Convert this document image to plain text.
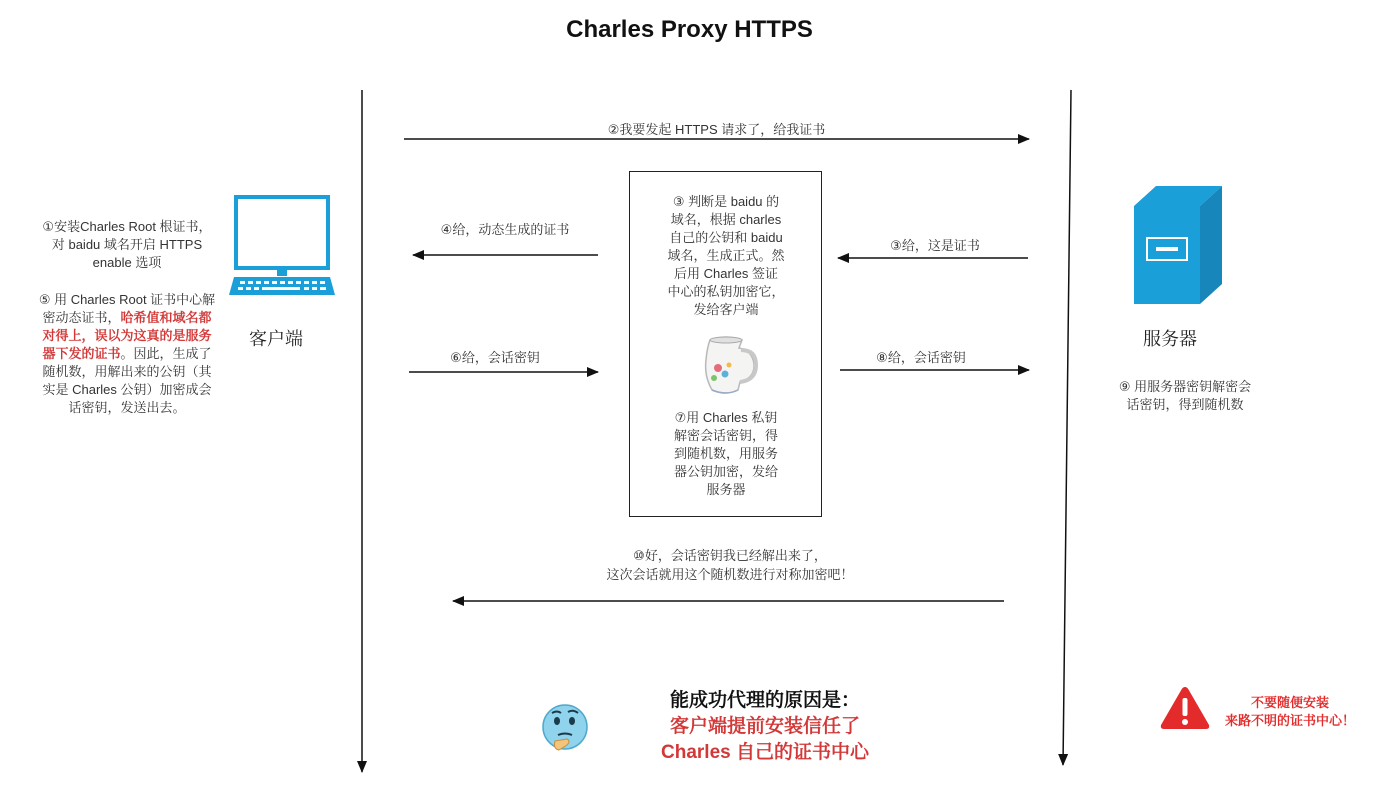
Charles Proxy HTTPS
②我要发起 HTTPS 请求了，给我证书
③给，这是证书
④给，动态生成的证书
⑥给，会话密钥	⑧给，会话密钥
⑩好，会话密钥我已经解出来了，
这次会话就用这个随机数进行对称加密吧！
③ 判断是 baidu 的
域名，根据 charles
自己的公钥和 baidu
域名，生成正式。然
后用 Charles 签证
中心的私钥加密它，
发给客户端
⑦用 Charles 私钥
解密会话密钥，得
到随机数，用服务
器公钥加密，发给
服务器
客户端
①安装Charles Root 根证书，
对 baidu 域名开启 HTTPS
enable 选项
⑤ 用 Charles Root 证书中心解
密动态证书，哈希值和域名都
对得上，误以为这真的是服务
器下发的证书。因此，生成了
随机数，用解出来的公钥（其
实是 Charles 公钥）加密成会
话密钥，发送出去。
服务器
⑨ 用服务器密钥解密会
话密钥，得到随机数
能成功代理的原因是：
客户端提前安装信任了
Charles 自己的证书中心
不要随便安装
来路不明的证书中心！
